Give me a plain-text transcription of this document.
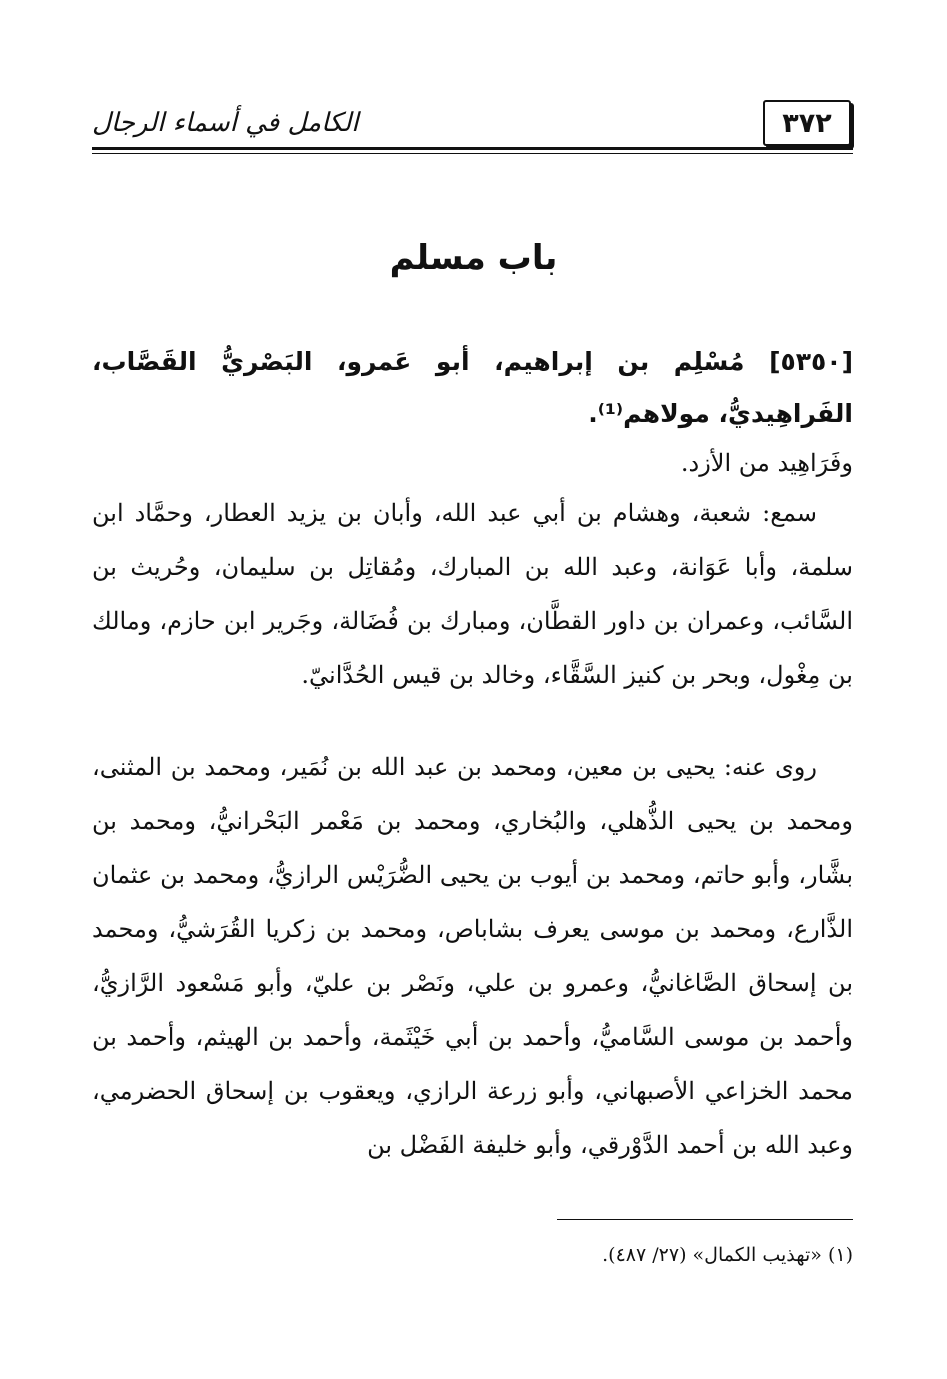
٣٧٢
الكامل في أسماء الرجال
باب مسلم
[٥٣٥٠] مُسْلِم بن إبراهيم، أبو عَمرو، البَصْريُّ القَصَّاب، الفَراهِيديُّ، مولاهم⁽¹⁾.

وفَرَاهِيد من الأزد.

سمع: شعبة، وهشام بن أبي عبد الله، وأبان بن يزيد العطار، وحمَّاد ابن سلمة، وأبا عَوَانة، وعبد الله بن المبارك، ومُقاتِل بن سليمان، وحُريث بن السَّائب، وعمران بن داور القطَّان، ومبارك بن فُضَالة، وجَرير ابن حازم، ومالك بن مِغْول، وبحر بن كنيز السَّقَّاء، وخالد بن قيس الحُدَّانيّ.

روى عنه: يحيى بن معين، ومحمد بن عبد الله بن نُمَير، ومحمد بن المثنى، ومحمد بن يحيى الذُّهلي، والبُخاري، ومحمد بن مَعْمر البَحْرانيُّ، ومحمد بن بشَّار، وأبو حاتم، ومحمد بن أيوب بن يحيى الضُّرَيْس الرازيُّ، ومحمد بن عثمان الذَّارع، ومحمد بن موسى يعرف بشاباص، ومحمد بن زكريا القُرَشيُّ، ومحمد بن إسحاق الصَّاغانيُّ، وعمرو بن علي، ونَصْر بن عليّ، وأبو مَسْعود الرَّازيُّ، وأحمد بن موسى السَّاميُّ، وأحمد بن أبي خَيْثَمة، وأحمد بن الهيثم، وأحمد بن محمد الخزاعي الأصبهاني، وأبو زرعة الرازي، ويعقوب بن إسحاق الحضرمي، وعبد الله بن أحمد الدَّوْرقي، وأبو خليفة الفَضْل بن

(١) «تهذيب الكمال» (٢٧/ ٤٨٧).
